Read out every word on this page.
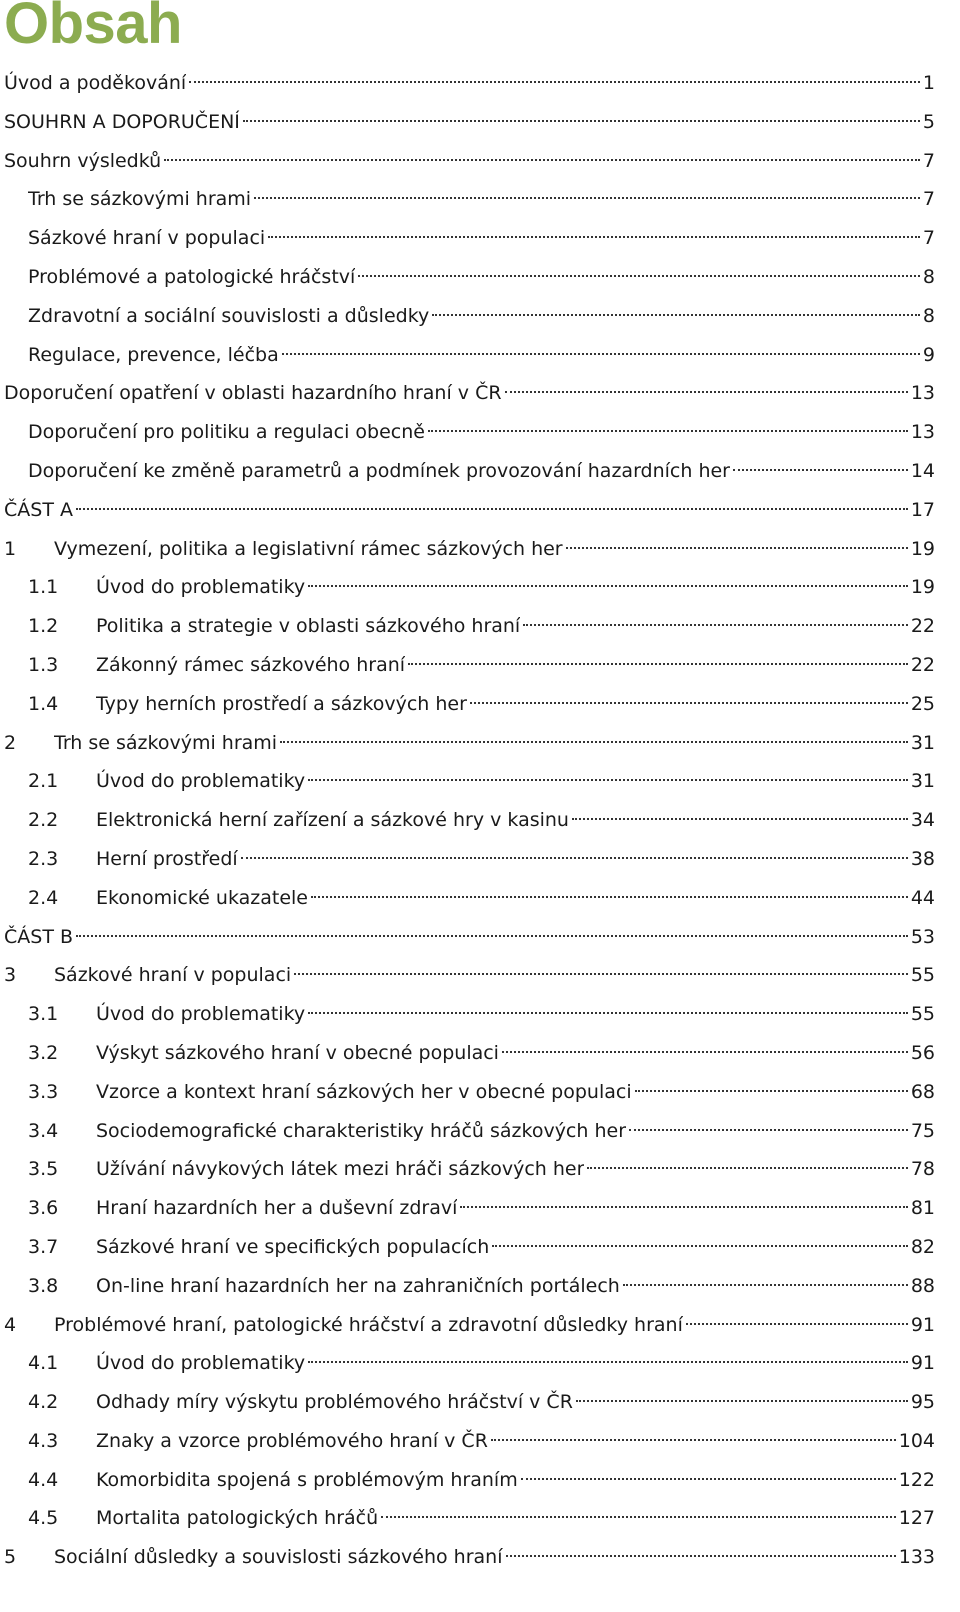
Obsah
Úvod a poděkování	1
SOUHRN A DOPORUČENÍ	5
Souhrn výsledků	7
Trh se sázkovými hrami	7
Sázkové hraní v populaci	7
Problémové a patologické hráčství	8
Zdravotní a sociální souvislosti a důsledky	8
Regulace, prevence, léčba	9
Doporučení opatření v oblasti hazardního hraní v ČR	13
Doporučení pro politiku a regulaci obecně	13
Doporučení ke změně parametrů a podmínek provozování hazardních her	14
ČÁST A	17
1	Vymezení, politika a legislativní rámec sázkových her	19
1.1	Úvod do problematiky	19
1.2	Politika a strategie v oblasti sázkového hraní	22
1.3	Zákonný rámec sázkového hraní	22
1.4	Typy herních prostředí a sázkových her	25
2	Trh se sázkovými hrami	31
2.1	Úvod do problematiky	31
2.2	Elektronická herní zařízení a sázkové hry v kasinu	34
2.3	Herní prostředí	38
2.4	Ekonomické ukazatele	44
ČÁST B	53
3	Sázkové hraní v populaci	55
3.1	Úvod do problematiky	55
3.2	Výskyt sázkového hraní v obecné populaci	56
3.3	Vzorce a kontext hraní sázkových her v obecné populaci	68
3.4	Sociodemografické charakteristiky hráčů sázkových her	75
3.5	Užívání návykových látek mezi hráči sázkových her	78
3.6	Hraní hazardních her a duševní zdraví	81
3.7	Sázkové hraní ve specifických populacích	82
3.8	On-line hraní hazardních her na zahraničních portálech	88
4	Problémové hraní, patologické hráčství a zdravotní důsledky hraní	91
4.1	Úvod do problematiky	91
4.2	Odhady míry výskytu problémového hráčství v ČR	95
4.3	Znaky a vzorce problémového hraní v ČR	104
4.4	Komorbidita spojená s problémovým hraním	122
4.5	Mortalita patologických hráčů	127
5	Sociální důsledky a souvislosti sázkového hraní	133
